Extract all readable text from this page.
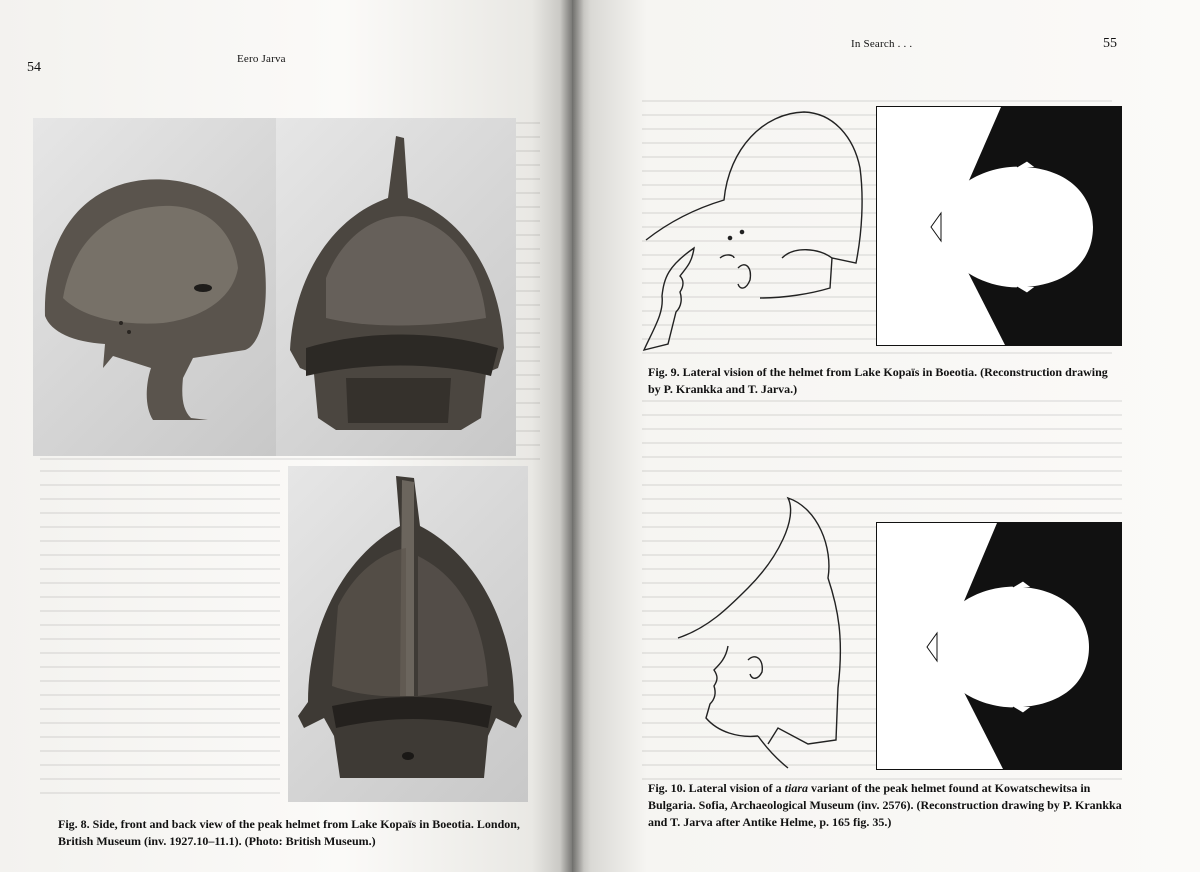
54
Eero Jarva
Fig. 8. Side, front and back view of the peak helmet from Lake Kopaïs in Boeotia. London, British Museum (inv. 1927.10–11.1). (Photo: British Museum.)
In Search . . .	55
Fig. 9. Lateral vision of the helmet from Lake Kopaïs in Boeotia. (Reconstruction drawing by P. Krankka and T. Jarva.)
Fig. 10. Lateral vision of a tiara variant of the peak helmet found at Kowatschewitsa in Bulgaria. Sofia, Archaeological Museum (inv. 2576). (Reconstruction drawing by P. Krankka and T. Jarva after Antike Helme, p. 165 fig. 35.)
